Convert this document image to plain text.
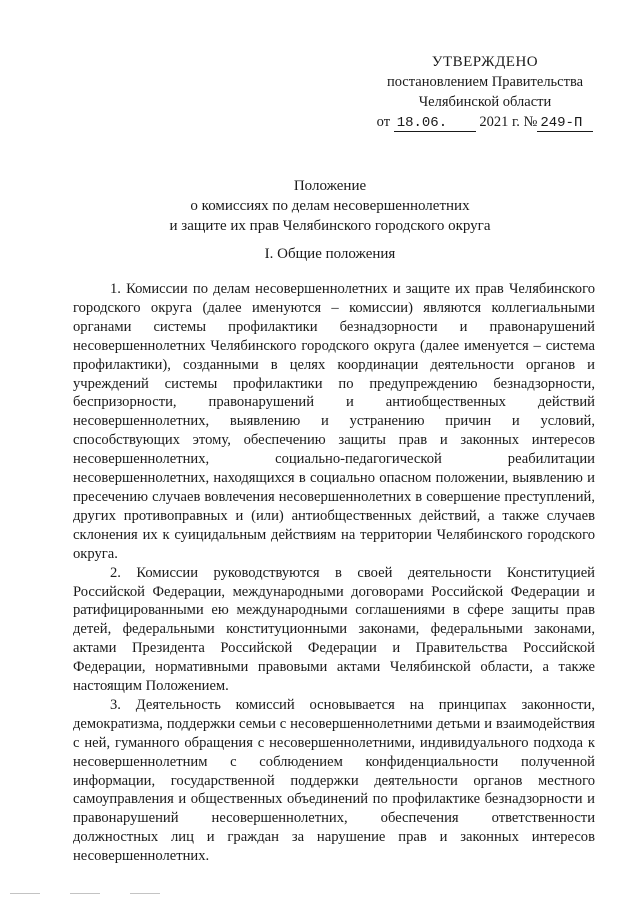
УТВЕРЖДЕНО
постановлением Правительства
Челябинской области
от 18.06. 2021 г. № 249-П
Положение
о комиссиях по делам несовершеннолетних
и защите их прав Челябинского городского округа
I. Общие положения

1. Комиссии по делам несовершеннолетних и защите их прав Челябинского городского округа (далее именуются – комиссии) являются коллегиальными органами системы профилактики безнадзорности и правонарушений несовершеннолетних Челябинского городского округа (далее именуется – система профилактики), созданными в целях координации деятельности органов и учреждений системы профилактики по предупреждению безнадзорности, беспризорности, правонарушений и антиобщественных действий несовершеннолетних, выявлению и устранению причин и условий, способствующих этому, обеспечению защиты прав и законных интересов несовершеннолетних, социально-педагогической реабилитации несовершеннолетних, находящихся в социально опасном положении, выявлению и пресечению случаев вовлечения несовершеннолетних в совершение преступлений, других противоправных и (или) антиобщественных действий, а также случаев склонения их к суицидальным действиям на территории Челябинского городского округа.

2. Комиссии руководствуются в своей деятельности Конституцией Российской Федерации, международными договорами Российской Федерации и ратифицированными ею международными соглашениями в сфере защиты прав детей, федеральными конституционными законами, федеральными законами, актами Президента Российской Федерации и Правительства Российской Федерации, нормативными правовыми актами Челябинской области, а также настоящим Положением.

3. Деятельность комиссий основывается на принципах законности, демократизма, поддержки семьи с несовершеннолетними детьми и взаимодействия с ней, гуманного обращения с несовершеннолетними, индивидуального подхода к несовершеннолетним с соблюдением конфиденциальности полученной информации, государственной поддержки деятельности органов местного самоуправления и общественных объединений по профилактике безнадзорности и правонарушений несовершеннолетних, обеспечения ответственности должностных лиц и граждан за нарушение прав и законных интересов несовершеннолетних.
